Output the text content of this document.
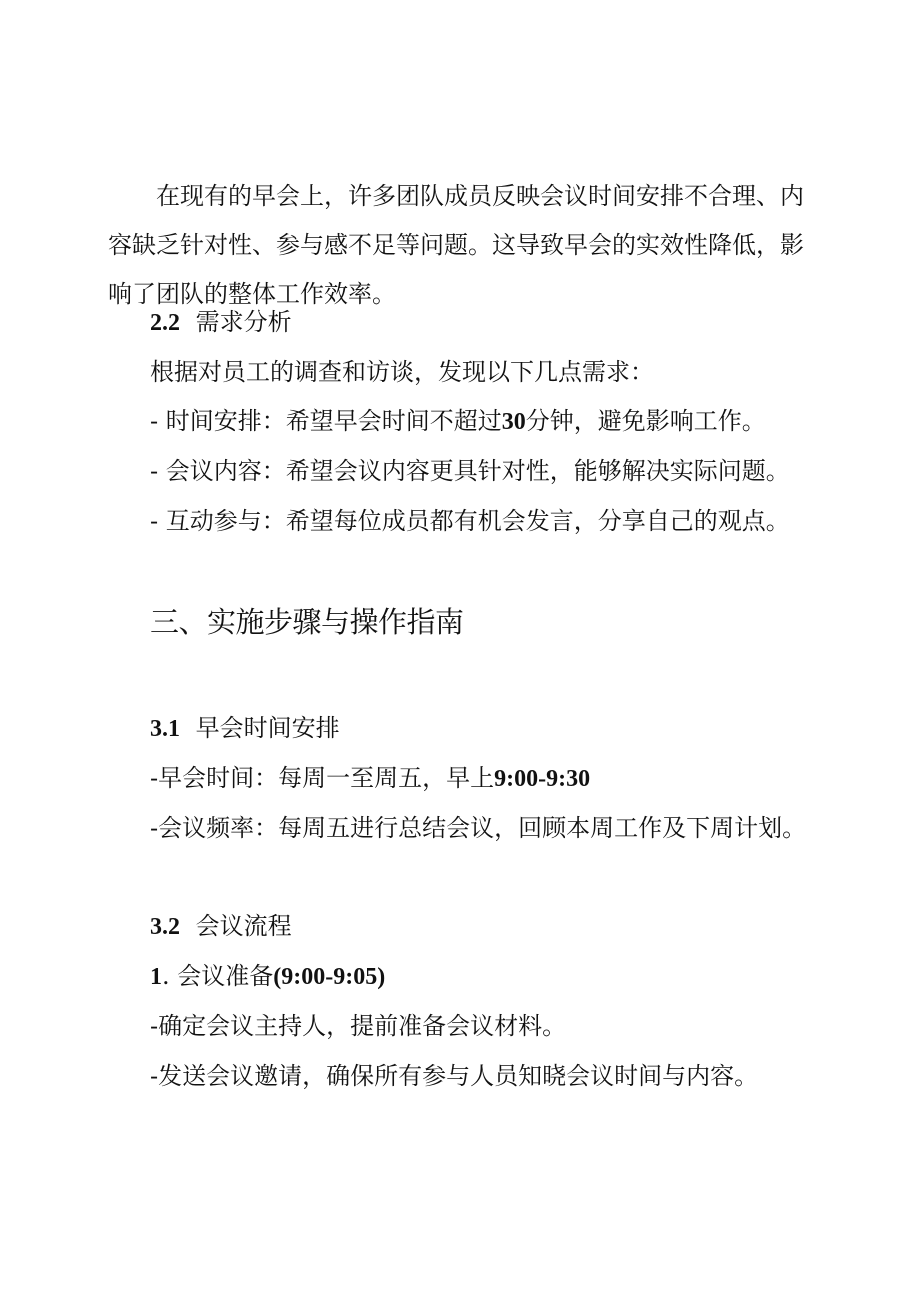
在现有的早会上，许多团队成员反映会议时间安排不合理、内容缺乏针对性、参与感不足等问题。这导致早会的实效性降低，影响了团队的整体工作效率。
2.2 需求分析
根据对员工的调查和访谈，发现以下几点需求：
- 时间安排：希望早会时间不超过30分钟，避免影响工作。
- 会议内容：希望会议内容更具针对性，能够解决实际问题。
- 互动参与：希望每位成员都有机会发言，分享自己的观点。
三、实施步骤与操作指南
3.1 早会时间安排
-早会时间：每周一至周五，早上9:00-9:30
-会议频率：每周五进行总结会议，回顾本周工作及下周计划。
3.2 会议流程
1. 会议准备(9:00-9:05)
-确定会议主持人，提前准备会议材料。
-发送会议邀请，确保所有参与人员知晓会议时间与内容。
